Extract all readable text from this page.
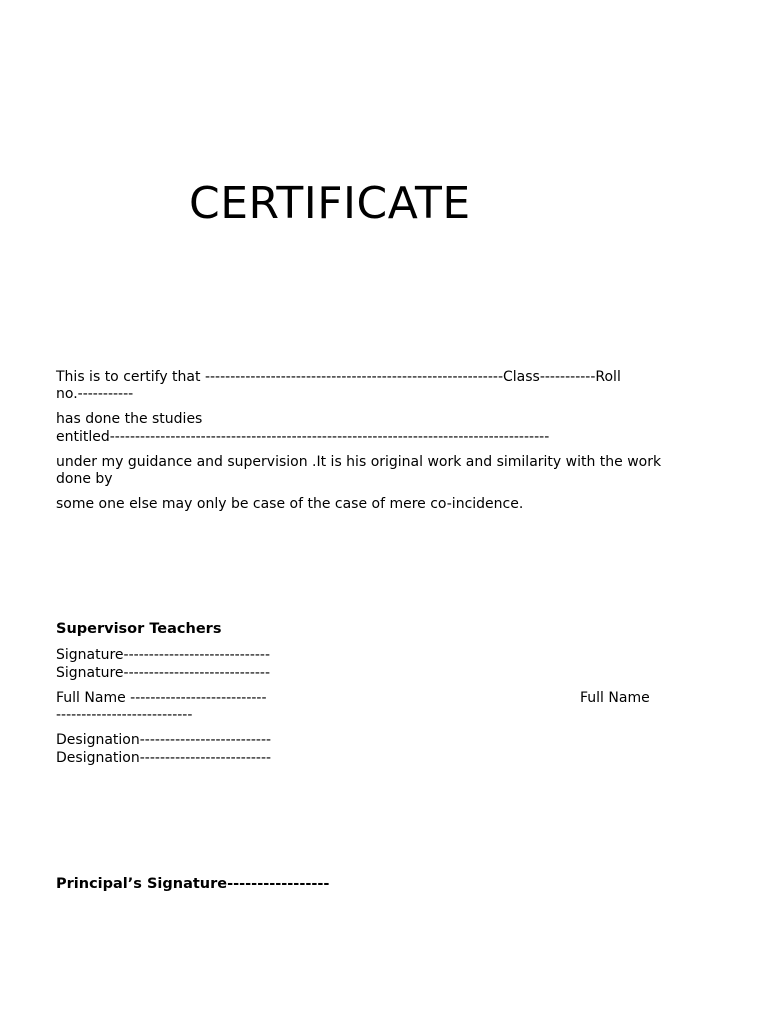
CERTIFICATE

This is to certify that -----------------------------------------------------------Class-----------Roll

no.-----------

has done the studies

entitled---------------------------------------------------------------------------------------

under my guidance and supervision .It is his original work and similarity with the work

done by

some one else may only be case of the case of mere co-incidence.

Supervisor Teachers

Signature-----------------------------

Signature-----------------------------

Full Name ---------------------------	Full Name

---------------------------

Designation--------------------------

Designation--------------------------

Principal’s Signature-----------------
